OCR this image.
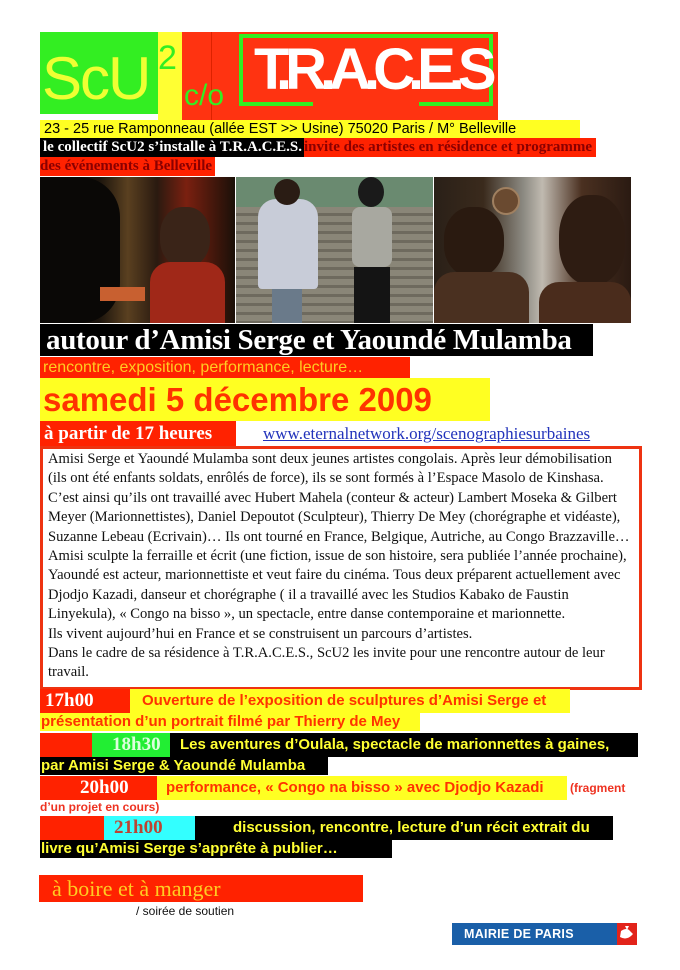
ScU 2
c/o T.R.A.C.E.S
23 - 25 rue Ramponneau (allée EST >> Usine) 75020 Paris / M° Belleville
le collectif ScU2 s’installe à T.R.A.C.E.S.invite des artistes en résidence et programme
des événements à Belleville
autour d’Amisi Serge et Yaoundé Mulamba
rencontre, exposition, performance, lecture…
samedi 5 décembre 2009
à partir de 17 heures	www.eternalnetwork.org/scenographiesurbaines
Amisi Serge et Yaoundé Mulamba sont deux jeunes artistes congolais. Après leur démobilisation (ils ont été enfants soldats, enrôlés de force), ils se sont formés à l’Espace Masolo de Kinshasa. C’est ainsi qu’ils ont travaillé avec Hubert Mahela (conteur & acteur) Lambert Moseka & Gilbert Meyer (Marionnettistes), Daniel Depoutot (Sculpteur), Thierry De Mey (chorégraphe et vidéaste), Suzanne Lebeau (Ecrivain)… Ils ont tourné en France, Belgique, Autriche, au Congo Brazzaville… Amisi sculpte la ferraille et écrit (une fiction, issue de son histoire, sera publiée l’année prochaine), Yaoundé est acteur, marionnettiste et veut faire du cinéma. Tous deux préparent actuellement avec Djodjo Kazadi, danseur et chorégraphe ( il a travaillé avec les Studios Kabako de Faustin Linyekula), « Congo na bisso », un spectacle, entre danse contemporaine et marionnette.
Ils vivent aujourd’hui en France et se construisent un parcours d’artistes.
Dans le cadre de sa résidence à T.R.A.C.E.S., ScU2 les invite pour une rencontre autour de leur travail.
17h00	Ouverture de l’exposition de sculptures d’Amisi Serge et
présentation d’un portrait filmé par Thierry de Mey
18h30	Les aventures d’Oulala, spectacle de marionnettes à gaines,
par Amisi Serge & Yaoundé Mulamba
20h00	performance, « Congo na bisso » avec Djodjo Kazadi	(fragment
d’un projet en cours)
21h00	discussion, rencontre, lecture d’un récit extrait du
livre qu’Amisi Serge s’apprête à publier…
à boire et à manger
/ soirée de soutien
MAIRIE DE PARIS
